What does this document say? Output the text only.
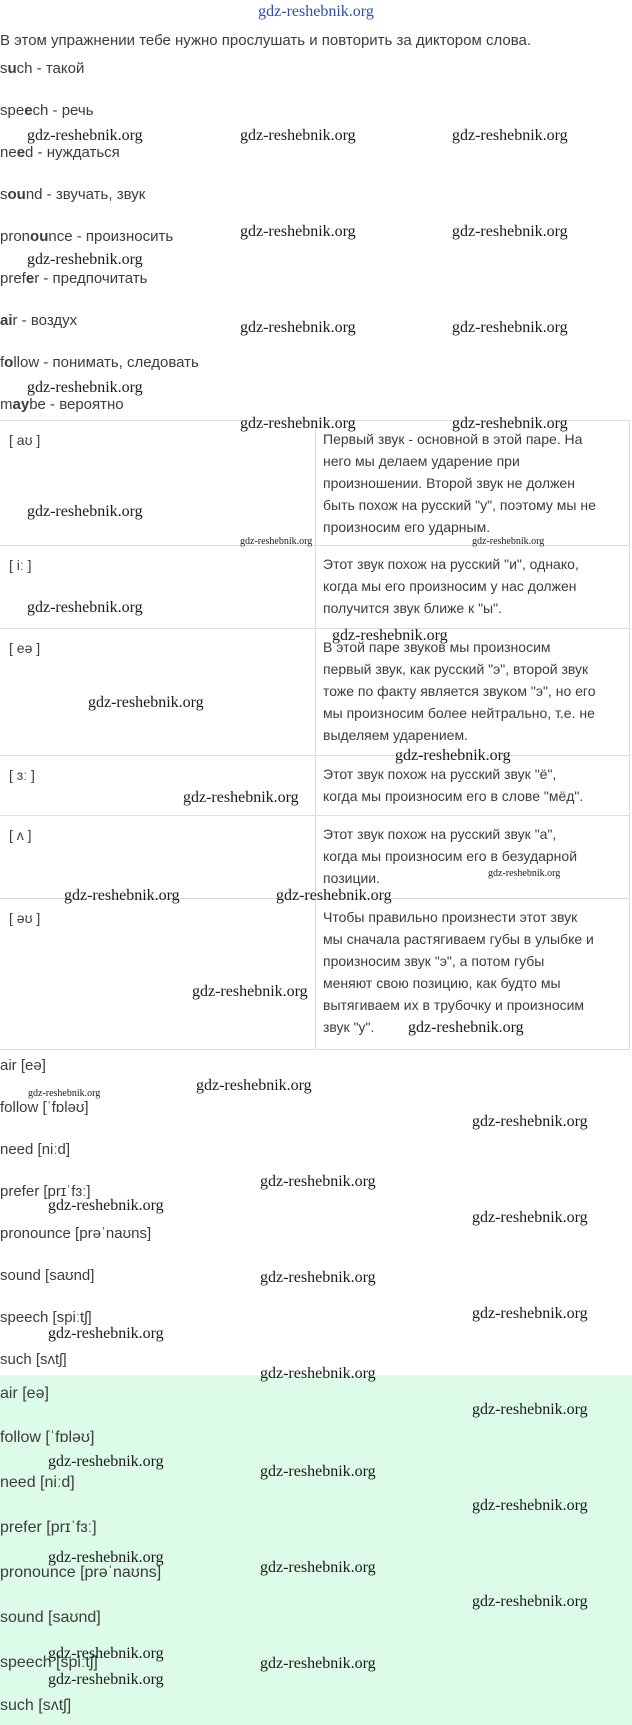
gdz-reshebnik.org
В этом упражнении тебе нужно прослушать и повторить за диктором слова.
such - такой
speech - речь
need - нуждаться
sound - звучать, звук
pronounce - произносить
prefer - предпочитать
air - воздух
follow - понимать, следовать
maybe - вероятно
[ aʊ ]	Первый звук - основной в этой паре. На
него мы делаем ударение при
произношении. Второй звук не должен
быть похож на русский "у", поэтому мы не
произносим его ударным.
[ iː ]	Этот звук похож на русский "и", однако,
когда мы его произносим у нас должен
получится звук ближе к "ы".
[ eə ]	В этой паре звуков мы произносим
первый звук, как русский "э", второй звук
тоже по факту является звуком "э", но его
мы произносим более нейтрально, т.е. не
выделяем ударением.
[ ɜː ]	Этот звук похож на русский звук "ё",
когда мы произносим его в слове "мёд".
[ ʌ ]	Этот звук похож на русский звук "а",
когда мы произносим его в безударной
позиции.
[ əʊ ]	Чтобы правильно произнести этот звук
мы сначала растягиваем губы в улыбке и
произносим звук "э", а потом губы
меняют свою позицию, как будто мы
вытягиваем их в трубочку и произносим
звук "у".
air [eə]
follow [ˈfɒləʊ]
need [niːd]
prefer [prɪˈfɜː]
pronounce [prəˈnaʊns]
sound [saʊnd]
speech [spiːtʃ]
such [sʌtʃ]
air [eə]
follow [ˈfɒləʊ]
need [niːd]
prefer [prɪˈfɜː]
pronounce [prəˈnaʊns]
sound [saʊnd]
speech [spiːtʃ]
such [sʌtʃ]
gdz-reshebnik.org	gdz-reshebnik.org	gdz-reshebnik.org
gdz-reshebnik.org	gdz-reshebnik.org
gdz-reshebnik.org
gdz-reshebnik.org	gdz-reshebnik.org
gdz-reshebnik.org
gdz-reshebnik.org	gdz-reshebnik.org
gdz-reshebnik.org
gdz-reshebnik.org	gdz-reshebnik.org
gdz-reshebnik.org
gdz-reshebnik.org
gdz-reshebnik.org
gdz-reshebnik.org
gdz-reshebnik.org
gdz-reshebnik.org
gdz-reshebnik.org	gdz-reshebnik.org
gdz-reshebnik.org
gdz-reshebnik.org
gdz-reshebnik.org
gdz-reshebnik.org
gdz-reshebnik.org
gdz-reshebnik.org
gdz-reshebnik.org
gdz-reshebnik.org
gdz-reshebnik.org
gdz-reshebnik.org
gdz-reshebnik.org
gdz-reshebnik.org
gdz-reshebnik.org
gdz-reshebnik.org
gdz-reshebnik.org
gdz-reshebnik.org
gdz-reshebnik.org
gdz-reshebnik.org
gdz-reshebnik.org
gdz-reshebnik.org
gdz-reshebnik.org
gdz-reshebnik.org
